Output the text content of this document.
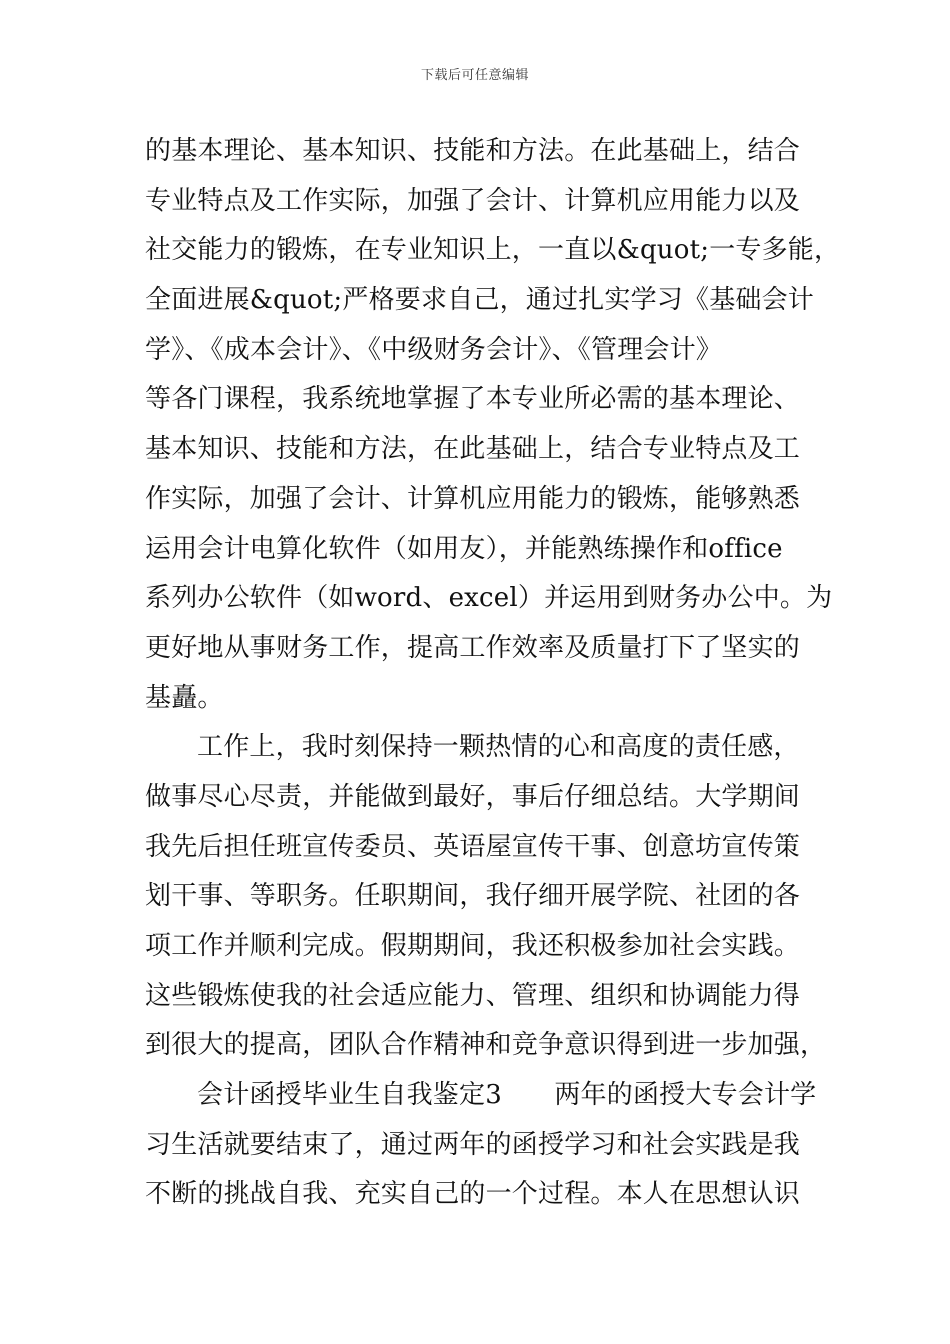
下载后可任意编辑
的基本理论、基本知识、技能和方法。在此基础上，结合
专业特点及工作实际，加强了会计、计算机应用能力以及
社交能力的锻炼，在专业知识上，一直以&quot;一专多能，
全面进展&quot;严格要求自己，通过扎实学习《基础会计
学》、《成本会计》、《中级财务会计》、《管理会计》
等各门课程，我系统地掌握了本专业所必需的基本理论、
基本知识、技能和方法，在此基础上，结合专业特点及工
作实际，加强了会计、计算机应用能力的锻炼，能够熟悉
运用会计电算化软件（如用友），并能熟练操作和office
系列办公软件（如word、excel）并运用到财务办公中。为
更好地从事财务工作，提高工作效率及质量打下了坚实的
基矗。
工作上，我时刻保持一颗热情的心和高度的责任感，
做事尽心尽责，并能做到最好，事后仔细总结。大学期间
我先后担任班宣传委员、英语屋宣传干事、创意坊宣传策
划干事、等职务。任职期间，我仔细开展学院、社团的各
项工作并顺利完成。假期期间，我还积极参加社会实践。
这些锻炼使我的社会适应能力、管理、组织和协调能力得
到很大的提高，团队合作精神和竞争意识得到进一步加强，
会计函授毕业生自我鉴定3　　两年的函授大专会计学
习生活就要结束了，通过两年的函授学习和社会实践是我
不断的挑战自我、充实自己的一个过程。本人在思想认识
